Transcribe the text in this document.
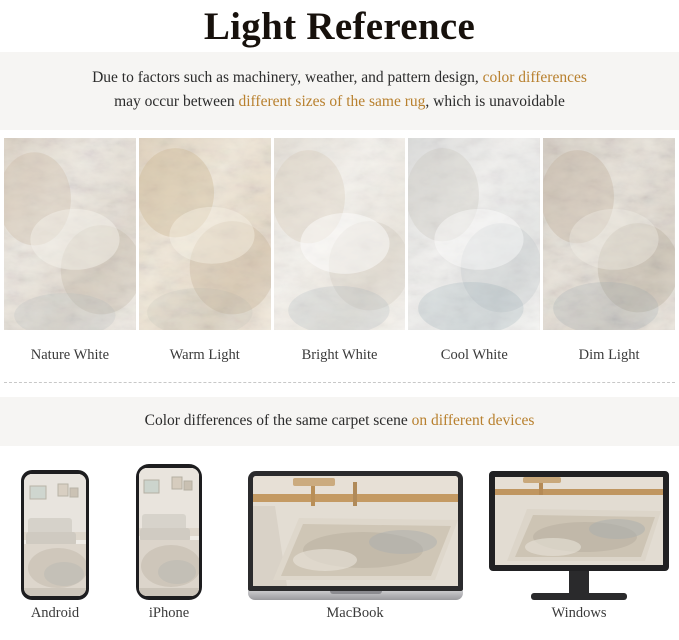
Light Reference
Due to factors such as machinery, weather, and pattern design, color differences
may occur between different sizes of the same rug, which is unavoidable
Nature White	Warm Light	Bright White	Cool White	Dim Light
Color differences of the same carpet scene on different devices
Android	iPhone	MacBook	Windows
